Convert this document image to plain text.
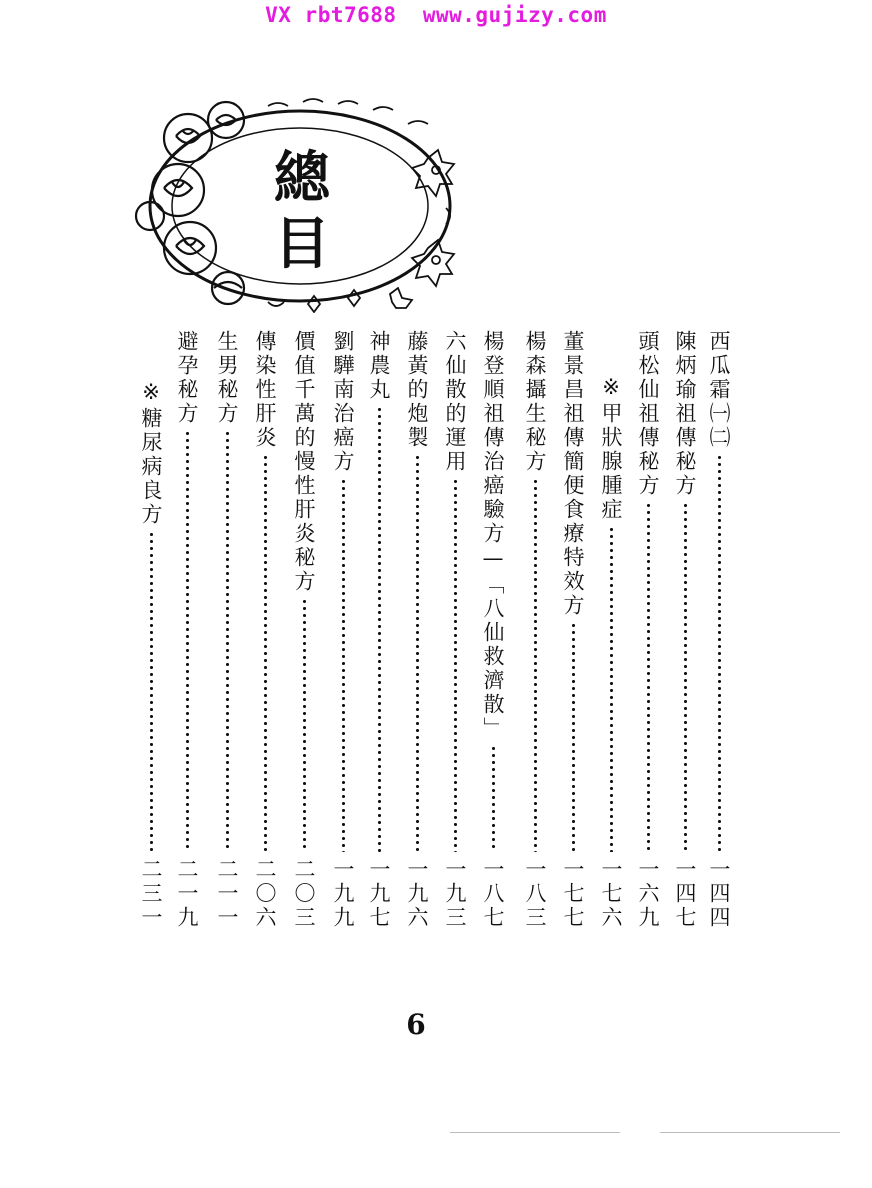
VX rbt7688  www.gujizy.com
總
目
西瓜霜㈠㈡
一四四
陳炳瑜祖傳秘方
一四七
頭松仙祖傳秘方
一六九
※甲狀腺腫症
一七六
董景昌祖傳簡便食療特效方
一七七
楊森攝生秘方
一八三
楊登順祖傳治癌驗方—「八仙救濟散」
一八七
六仙散的運用
一九三
藤黃的炮製
一九六
神農丸
一九七
劉驊南治癌方
一九九
價值千萬的慢性肝炎秘方
二〇三
傳染性肝炎
二〇六
生男秘方
二一一
避孕秘方
二一九
※糖尿病良方
二三一
6
